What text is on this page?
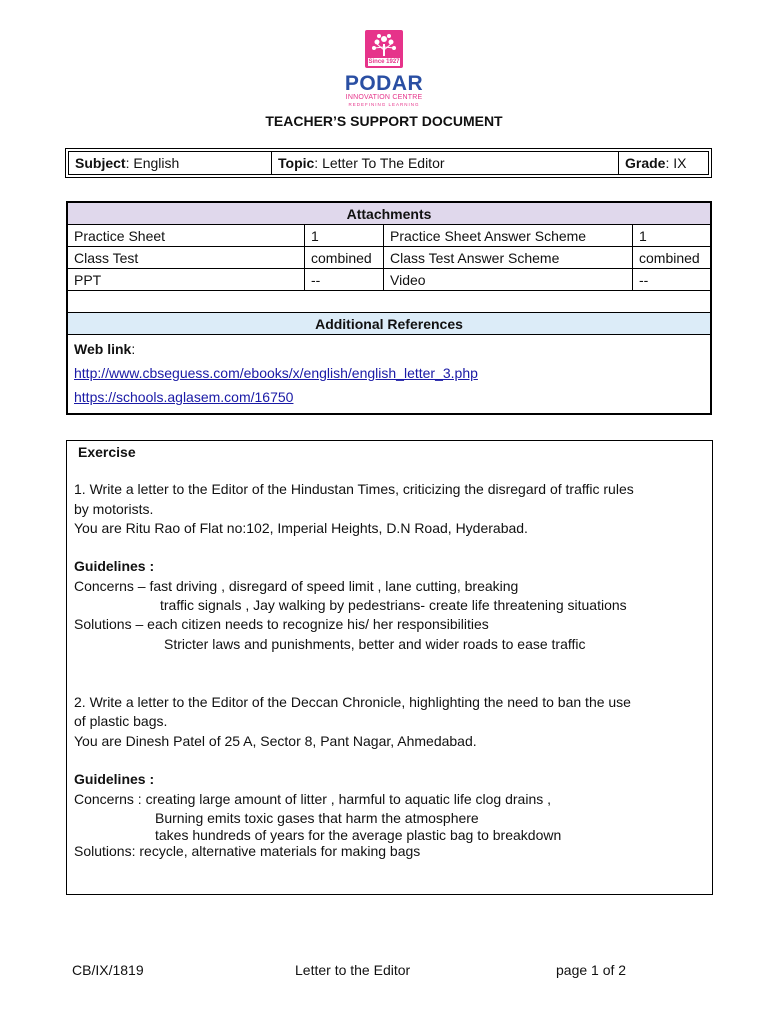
Since 1927
PODAR
INNOVATION CENTRE
REDEFINING LEARNING
TEACHER’S SUPPORT DOCUMENT
Subject: English	Topic: Letter To The Editor	Grade: IX
Attachments			
Practice Sheet	1	Practice Sheet Answer Scheme	1
Class Test	combined	Class Test Answer Scheme	combined
PPT	--	Video	--

Additional References			

Web link:
http://www.cbseguess.com/ebooks/x/english/english_letter_3.php
https://schools.aglasem.com/16750			
Exercise
1. Write a letter to the Editor of the Hindustan Times, criticizing the disregard of traffic rules
by motorists.
You are Ritu Rao of Flat no:102, Imperial Heights, D.N Road, Hyderabad.
Guidelines :
Concerns – fast driving , disregard of speed limit , lane cutting, breaking
traffic signals , Jay walking by pedestrians- create life threatening situations
Solutions – each citizen needs to recognize his/ her responsibilities
Stricter laws and punishments, better and wider roads to ease traffic
2. Write a letter to the Editor of the Deccan Chronicle, highlighting the need to ban the use
of plastic bags.
You are Dinesh Patel of 25 A, Sector 8, Pant Nagar, Ahmedabad.
Guidelines :
Concerns : creating large amount of litter , harmful to aquatic life clog drains ,
Burning emits toxic gases that harm the atmosphere
takes hundreds of years for the average plastic bag to breakdown
Solutions: recycle, alternative materials for making bags
CB/IX/1819	Letter to the Editor	page 1 of 2
